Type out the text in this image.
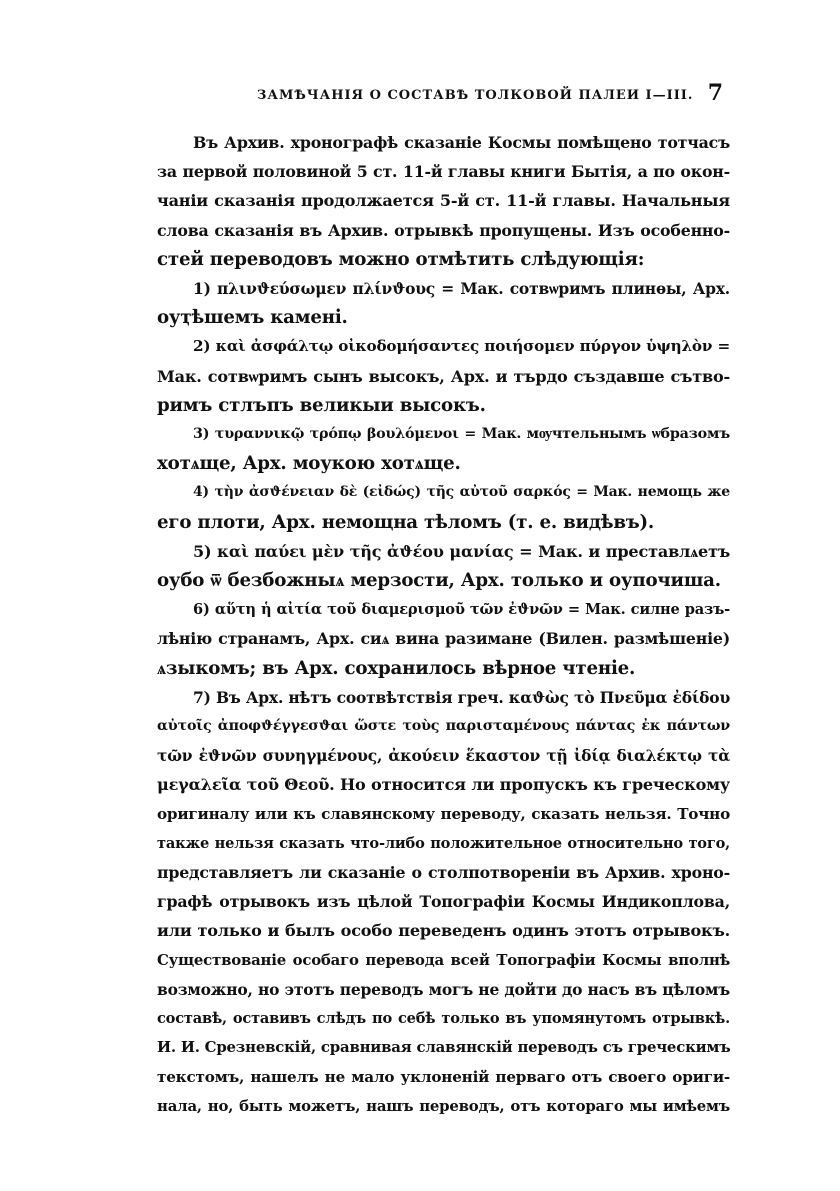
ЗАМѢЧАНІЯ О СОСТАВѢ ТОЛКОВОЙ ПАЛЕИ I—III. 7
Въ Архив. хронографѣ сказаніе Космы помѣщено тотчасъ
за первой половиной 5 ст. 11-й главы книги Бытія, а по окон-
чаніи сказанія продолжается 5-й ст. 11-й главы. Начальныя
слова сказанія въ Архив. отрывкѣ пропущены. Изъ особенно-
стей переводовъ можно отмѣтить слѣдующія:
1) πλινϑεύσωμεν πλίνϑους = Мак. сотвѡримъ плинѳы, Арх.
оуҭѣшемъ камені.
2) καὶ ἀσφάλτῳ οἰκοδομήσαντες ποιήσομεν πύργον ὑψηλὸν =
Мак. сотвѡримъ сынъ высокъ, Арх. и търдо създавше сътво-
римъ стлъпъ великыи высокъ.
3) τυραννικῷ τρόπῳ βουλόμενοι = Мак. мѹчтельнымъ ѡбразомъ
хотѧще, Арх. моукою хотѧще.
4) τὴν ἀσϑένειαν δὲ (εἰδώς) τῆς αὐτοῦ σαρκός = Мак. немощь же
его плоти, Арх. немощна тѣломъ (т. е. видѣвъ).
5) καὶ παύει μὲν τῆς ἀϑέου μανίας = Мак. и преставлѧетъ
оубо ѿ безбожныѧ мерзости, Арх. только и оупочиша.
6) αὕτη ἡ αἰτία τοῦ διαμερισμοῦ τῶν ἐϑνῶν = Мак. силне разъ-
лѣнію странамъ, Арх. сиѧ вина разимане (Вилен. размѣшеніе)
ѧзыкомъ; въ Арх. сохранилось вѣрное чтеніе.
7) Въ Арх. нѣтъ соотвѣтствія греч. καϑὼς τὸ Πνεῦμα ἐδίδου
αὐτοῖς ἀποφϑέγγεσϑαι ὥστε τοὺς παρισταμένους πάντας ἐκ πάντων
τῶν ἐϑνῶν συνηγμένους, ἀκούειν ἕκαστον τῇ ἰδίᾳ διαλέκτῳ τὰ
μεγαλεῖα τοῦ Θεοῦ. Но относится ли пропускъ къ греческому
оригиналу или къ славянскому переводу, сказать нельзя. Точно
также нельзя сказать что-либо положительное относительно того,
представляетъ ли сказаніе о столпотвореніи въ Архив. хроно-
графѣ отрывокъ изъ цѣлой Топографіи Космы Индикоплова,
или только и былъ особо переведенъ одинъ этотъ отрывокъ.
Существованіе особаго перевода всей Топографіи Космы вполнѣ
возможно, но этотъ переводъ могъ не дойти до насъ въ цѣломъ
составѣ, оставивъ слѣдъ по себѣ только въ упомянутомъ отрывкѣ.
И. И. Срезневскій, сравнивая славянскій переводъ съ греческимъ
текстомъ, нашелъ не мало уклоненій перваго отъ своего ориги-
нала, но, быть можетъ, нашъ переводъ, отъ котораго мы имѣемъ
